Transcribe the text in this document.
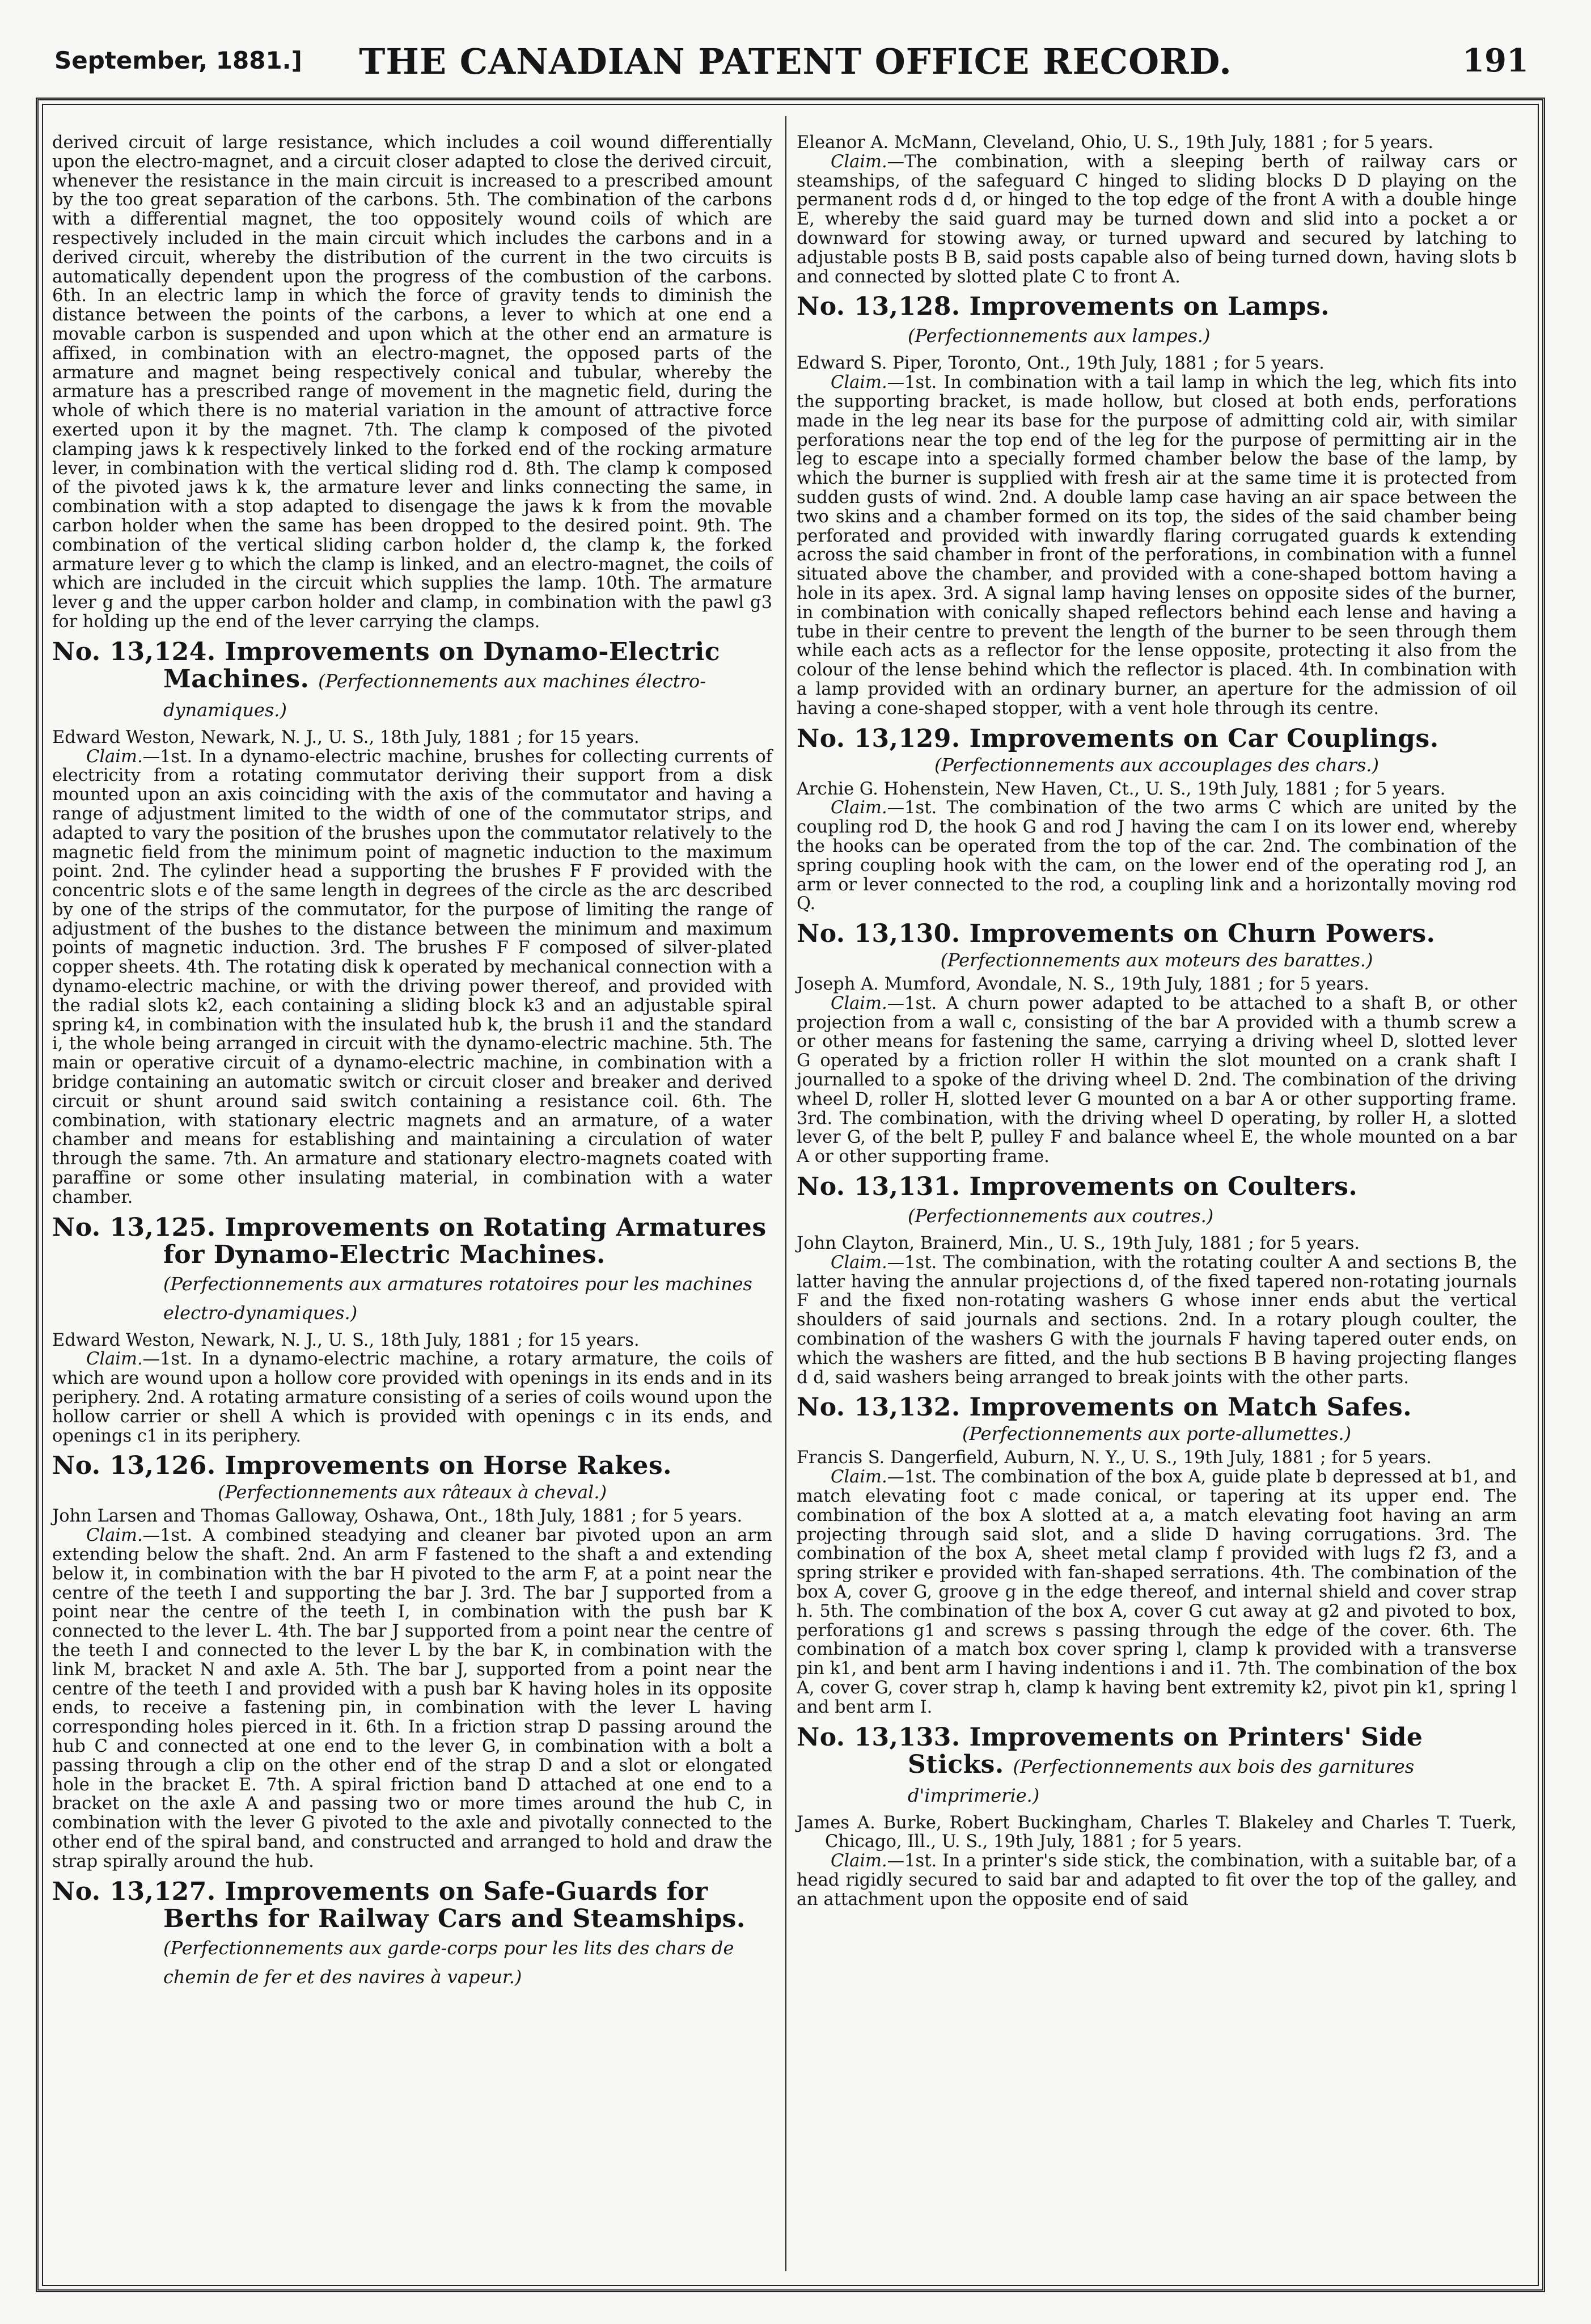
September, 1881.]	THE CANADIAN PATENT OFFICE RECORD.	191

derived circuit of large resistance, which includes a coil wound differentially upon the electro-magnet, and a circuit closer adapted to close the derived circuit, whenever the resistance in the main circuit is increased to a prescribed amount by the too great separation of the carbons. 5th. The combination of the carbons with a differential magnet, the too oppositely wound coils of which are respectively included in the main circuit which includes the carbons and in a derived circuit, whereby the distribution of the current in the two circuits is automatically dependent upon the progress of the combustion of the carbons. 6th. In an electric lamp in which the force of gravity tends to diminish the distance between the points of the carbons, a lever to which at one end a movable carbon is suspended and upon which at the other end an armature is affixed, in combination with an electro-magnet, the opposed parts of the armature and magnet being respectively conical and tubular, whereby the armature has a prescribed range of movement in the magnetic field, during the whole of which there is no material variation in the amount of attractive force exerted upon it by the magnet. 7th. The clamp k composed of the pivoted clamping jaws k k respectively linked to the forked end of the rocking armature lever, in combination with the vertical sliding rod d. 8th. The clamp k composed of the pivoted jaws k k, the armature lever and links connecting the same, in combination with a stop adapted to disengage the jaws k k from the movable carbon holder when the same has been dropped to the desired point. 9th. The combination of the vertical sliding carbon holder d, the clamp k, the forked armature lever g to which the clamp is linked, and an electro-magnet, the coils of which are included in the circuit which supplies the lamp. 10th. The armature lever g and the upper carbon holder and clamp, in combination with the pawl g3 for holding up the end of the lever carrying the clamps.

No. 13,124. Improvements on Dynamo-Electric Machines. (Perfectionnements aux machines électro-dynamiques.)

Edward Weston, Newark, N. J., U. S., 18th July, 1881 ; for 15 years.

Claim.—1st. In a dynamo-electric machine, brushes for collecting currents of electricity from a rotating commutator deriving their support from a disk mounted upon an axis coinciding with the axis of the commutator and having a range of adjustment limited to the width of one of the commutator strips, and adapted to vary the position of the brushes upon the commutator relatively to the magnetic field from the minimum point of magnetic induction to the maximum point. 2nd. The cylinder head a supporting the brushes F F provided with the concentric slots e of the same length in degrees of the circle as the arc described by one of the strips of the commutator, for the purpose of limiting the range of adjustment of the bushes to the distance between the minimum and maximum points of magnetic induction. 3rd. The brushes F F composed of silver-plated copper sheets. 4th. The rotating disk k operated by mechanical connection with a dynamo-electric machine, or with the driving power thereof, and provided with the radial slots k2, each containing a sliding block k3 and an adjustable spiral spring k4, in combination with the insulated hub k, the brush i1 and the standard i, the whole being arranged in circuit with the dynamo-electric machine. 5th. The main or operative circuit of a dynamo-electric machine, in combination with a bridge containing an automatic switch or circuit closer and breaker and derived circuit or shunt around said switch containing a resistance coil. 6th. The combination, with stationary electric magnets and an armature, of a water chamber and means for establishing and maintaining a circulation of water through the same. 7th. An armature and stationary electro-magnets coated with paraffine or some other insulating material, in combination with a water chamber.

No. 13,125. Improvements on Rotating Armatures for Dynamo-Electric Machines. (Perfectionnements aux armatures rotatoires pour les machines electro-dynamiques.)

Edward Weston, Newark, N. J., U. S., 18th July, 1881 ; for 15 years.

Claim.—1st. In a dynamo-electric machine, a rotary armature, the coils of which are wound upon a hollow core provided with openings in its ends and in its periphery. 2nd. A rotating armature consisting of a series of coils wound upon the hollow carrier or shell A which is provided with openings c in its ends, and openings c1 in its periphery.

No. 13,126. Improvements on Horse Rakes.
(Perfectionnements aux râteaux à cheval.)

John Larsen and Thomas Galloway, Oshawa, Ont., 18th July, 1881 ; for 5 years.

Claim.—1st. A combined steadying and cleaner bar pivoted upon an arm extending below the shaft. 2nd. An arm F fastened to the shaft a and extending below it, in combination with the bar H pivoted to the arm F, at a point near the centre of the teeth I and supporting the bar J. 3rd. The bar J supported from a point near the centre of the teeth I, in combination with the push bar K connected to the lever L. 4th. The bar J supported from a point near the centre of the teeth I and connected to the lever L by the bar K, in combination with the link M, bracket N and axle A. 5th. The bar J, supported from a point near the centre of the teeth I and provided with a push bar K having holes in its opposite ends, to receive a fastening pin, in combination with the lever L having corresponding holes pierced in it. 6th. In a friction strap D passing around the hub C and connected at one end to the lever G, in combination with a bolt a passing through a clip on the other end of the strap D and a slot or elongated hole in the bracket E. 7th. A spiral friction band D attached at one end to a bracket on the axle A and passing two or more times around the hub C, in combination with the lever G pivoted to the axle and pivotally connected to the other end of the spiral band, and constructed and arranged to hold and draw the strap spirally around the hub.

No. 13,127. Improvements on Safe-Guards for Berths for Railway Cars and Steamships. (Perfectionnements aux garde-corps pour les lits des chars de chemin de fer et des navires à vapeur.)

Eleanor A. McMann, Cleveland, Ohio, U. S., 19th July, 1881 ; for 5 years.

Claim.—The combination, with a sleeping berth of railway cars or steamships, of the safeguard C hinged to sliding blocks D D playing on the permanent rods d d, or hinged to the top edge of the front A with a double hinge E, whereby the said guard may be turned down and slid into a pocket a or downward for stowing away, or turned upward and secured by latching to adjustable posts B B, said posts capable also of being turned down, having slots b and connected by slotted plate C to front A.

No. 13,128. Improvements on Lamps. (Perfectionnements aux lampes.)

Edward S. Piper, Toronto, Ont., 19th July, 1881 ; for 5 years.

Claim.—1st. In combination with a tail lamp in which the leg, which fits into the supporting bracket, is made hollow, but closed at both ends, perforations made in the leg near its base for the purpose of admitting cold air, with similar perforations near the top end of the leg for the purpose of permitting air in the leg to escape into a specially formed chamber below the base of the lamp, by which the burner is supplied with fresh air at the same time it is protected from sudden gusts of wind. 2nd. A double lamp case having an air space between the two skins and a chamber formed on its top, the sides of the said chamber being perforated and provided with inwardly flaring corrugated guards k extending across the said chamber in front of the perforations, in combination with a funnel situated above the chamber, and provided with a cone-shaped bottom having a hole in its apex. 3rd. A signal lamp having lenses on opposite sides of the burner, in combination with conically shaped reflectors behind each lense and having a tube in their centre to prevent the length of the burner to be seen through them while each acts as a reflector for the lense opposite, protecting it also from the colour of the lense behind which the reflector is placed. 4th. In combination with a lamp provided with an ordinary burner, an aperture for the admission of oil having a cone-shaped stopper, with a vent hole through its centre.

No. 13,129. Improvements on Car Couplings.
(Perfectionnements aux accouplages des chars.)

Archie G. Hohenstein, New Haven, Ct., U. S., 19th July, 1881 ; for 5 years.

Claim.—1st. The combination of the two arms C which are united by the coupling rod D, the hook G and rod J having the cam I on its lower end, whereby the hooks can be operated from the top of the car. 2nd. The combination of the spring coupling hook with the cam, on the lower end of the operating rod J, an arm or lever connected to the rod, a coupling link and a horizontally moving rod Q.

No. 13,130. Improvements on Churn Powers.
(Perfectionnements aux moteurs des barattes.)

Joseph A. Mumford, Avondale, N. S., 19th July, 1881 ; for 5 years.

Claim.—1st. A churn power adapted to be attached to a shaft B, or other projection from a wall c, consisting of the bar A provided with a thumb screw a or other means for fastening the same, carrying a driving wheel D, slotted lever G operated by a friction roller H within the slot mounted on a crank shaft I journalled to a spoke of the driving wheel D. 2nd. The combination of the driving wheel D, roller H, slotted lever G mounted on a bar A or other supporting frame. 3rd. The combination, with the driving wheel D operating, by roller H, a slotted lever G, of the belt P, pulley F and balance wheel E, the whole mounted on a bar A or other supporting frame.

No. 13,131. Improvements on Coulters. (Perfectionnements aux coutres.)

John Clayton, Brainerd, Min., U. S., 19th July, 1881 ; for 5 years.

Claim.—1st. The combination, with the rotating coulter A and sections B, the latter having the annular projections d, of the fixed tapered non-rotating journals F and the fixed non-rotating washers G whose inner ends abut the vertical shoulders of said journals and sections. 2nd. In a rotary plough coulter, the combination of the washers G with the journals F having tapered outer ends, on which the washers are fitted, and the hub sections B B having projecting flanges d d, said washers being arranged to break joints with the other parts.

No. 13,132. Improvements on Match Safes.
(Perfectionnements aux porte-allumettes.)

Francis S. Dangerfield, Auburn, N. Y., U. S., 19th July, 1881 ; for 5 years.

Claim.—1st. The combination of the box A, guide plate b depressed at b1, and match elevating foot c made conical, or tapering at its upper end. The combination of the box A slotted at a, a match elevating foot having an arm projecting through said slot, and a slide D having corrugations. 3rd. The combination of the box A, sheet metal clamp f provided with lugs f2 f3, and a spring striker e provided with fan-shaped serrations. 4th. The combination of the box A, cover G, groove g in the edge thereof, and internal shield and cover strap h. 5th. The combination of the box A, cover G cut away at g2 and pivoted to box, perforations g1 and screws s passing through the edge of the cover. 6th. The combination of a match box cover spring l, clamp k provided with a transverse pin k1, and bent arm I having indentions i and i1. 7th. The combination of the box A, cover G, cover strap h, clamp k having bent extremity k2, pivot pin k1, spring l and bent arm I.

No. 13,133. Improvements on Printers' Side Sticks. (Perfectionnements aux bois des garnitures d'imprimerie.)

James A. Burke, Robert Buckingham, Charles T. Blakeley and Charles T. Tuerk, Chicago, Ill., U. S., 19th July, 1881 ; for 5 years.

Claim.—1st. In a printer's side stick, the combination, with a suitable bar, of a head rigidly secured to said bar and adapted to fit over the top of the galley, and an attachment upon the opposite end of said
